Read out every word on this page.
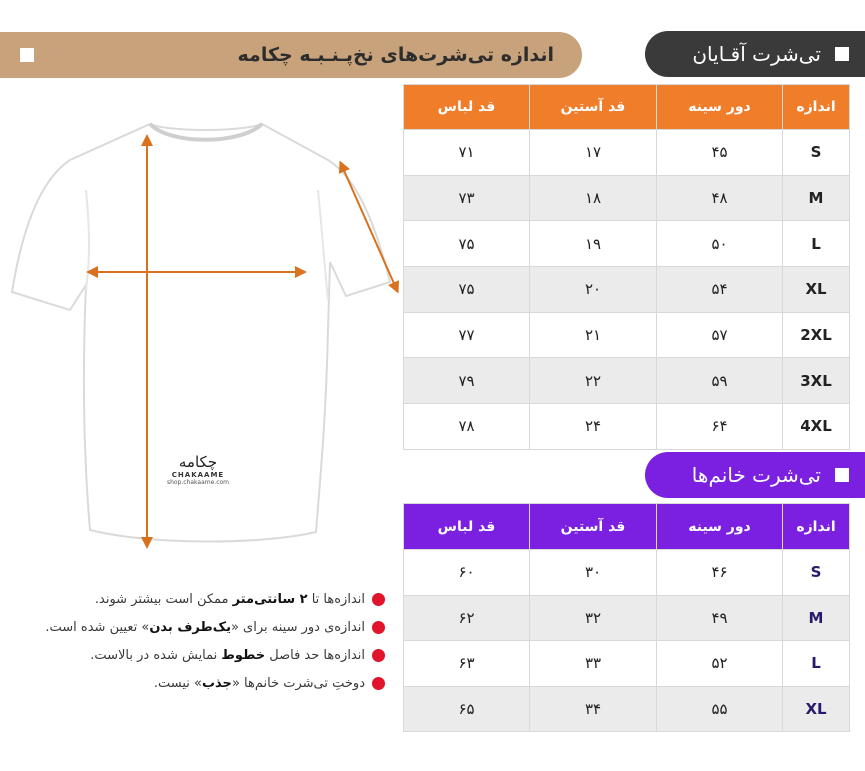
اندازه تی‌شرت‌های نخ‌پـنـبـه چکامه	تی‌شرت آقـایان
اندازه	دور سینه	قد آستین	قد لباس
S	۴۵	۱۷	۷۱
M	۴۸	۱۸	۷۳
L	۵۰	۱۹	۷۵
XL	۵۴	۲۰	۷۵
2XL	۵۷	۲۱	۷۷
3XL	۵۹	۲۲	۷۹
4XL	۶۴	۲۴	۷۸
تی‌شرت خانم‌ها
اندازه	دور سینه	قد آستین	قد لباس
S	۴۶	۳۰	۶۰
M	۴۹	۳۲	۶۲
L	۵۲	۳۳	۶۳
XL	۵۵	۳۴	۶۵
چکامه
CHAKAAME
shop.chakaame.com
اندازه‌ها تا ۲ سانتی‌متر ممکن است بیشتر شوند.
اندازه‌ی دور سینه برای «یک‌طرف بدن» تعیین شده است.
اندازه‌ها حد فاصل خطوط نمایش شده در بالاست.
دوختِ تی‌شرت خانم‌ها «جذب» نیست.
